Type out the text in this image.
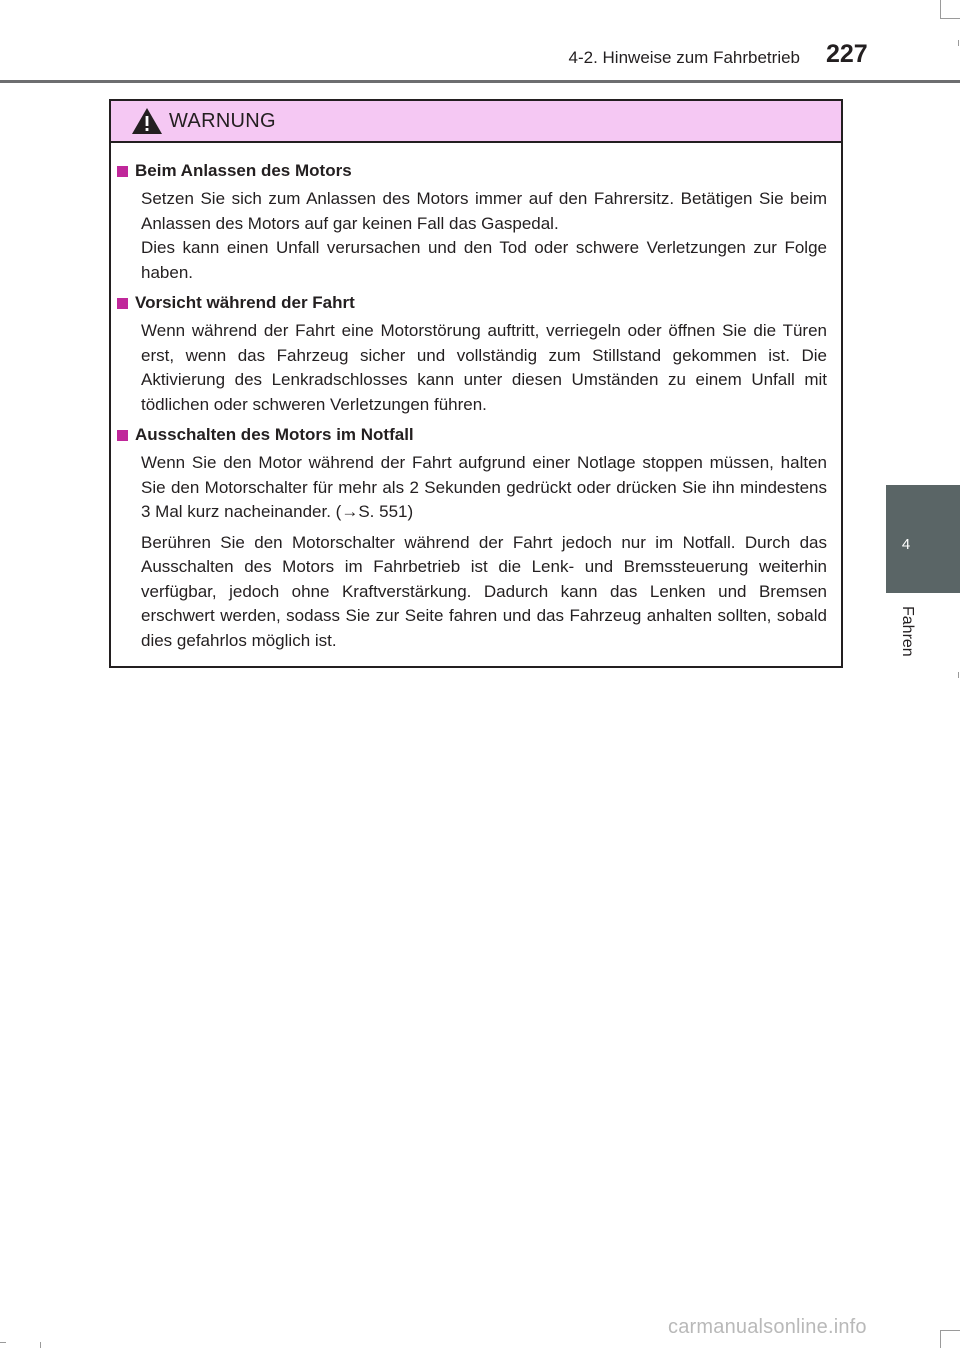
4-2. Hinweise zum Fahrbetrieb 227
4
Fahren
WARNUNG
Beim Anlassen des Motors
Setzen Sie sich zum Anlassen des Motors immer auf den Fahrersitz. Betätigen Sie beim Anlassen des Motors auf gar keinen Fall das Gaspedal.
Dies kann einen Unfall verursachen und den Tod oder schwere Verletzungen zur Folge haben.
Vorsicht während der Fahrt
Wenn während der Fahrt eine Motorstörung auftritt, verriegeln oder öffnen Sie die Türen erst, wenn das Fahrzeug sicher und vollständig zum Stillstand gekommen ist. Die Aktivierung des Lenkradschlosses kann unter diesen Umständen zu einem Unfall mit tödlichen oder schweren Verletzungen führen.
Ausschalten des Motors im Notfall
Wenn Sie den Motor während der Fahrt aufgrund einer Notlage stoppen müssen, halten Sie den Motorschalter für mehr als 2 Sekunden gedrückt oder drücken Sie ihn mindestens 3 Mal kurz nacheinander. (→S. 551)
Berühren Sie den Motorschalter während der Fahrt jedoch nur im Notfall. Durch das Ausschalten des Motors im Fahrbetrieb ist die Lenk- und Bremssteuerung weiterhin verfügbar, jedoch ohne Kraftverstärkung. Dadurch kann das Lenken und Bremsen erschwert werden, sodass Sie zur Seite fahren und das Fahrzeug anhalten sollten, sobald dies gefahrlos möglich ist.
carmanualsonline.info
